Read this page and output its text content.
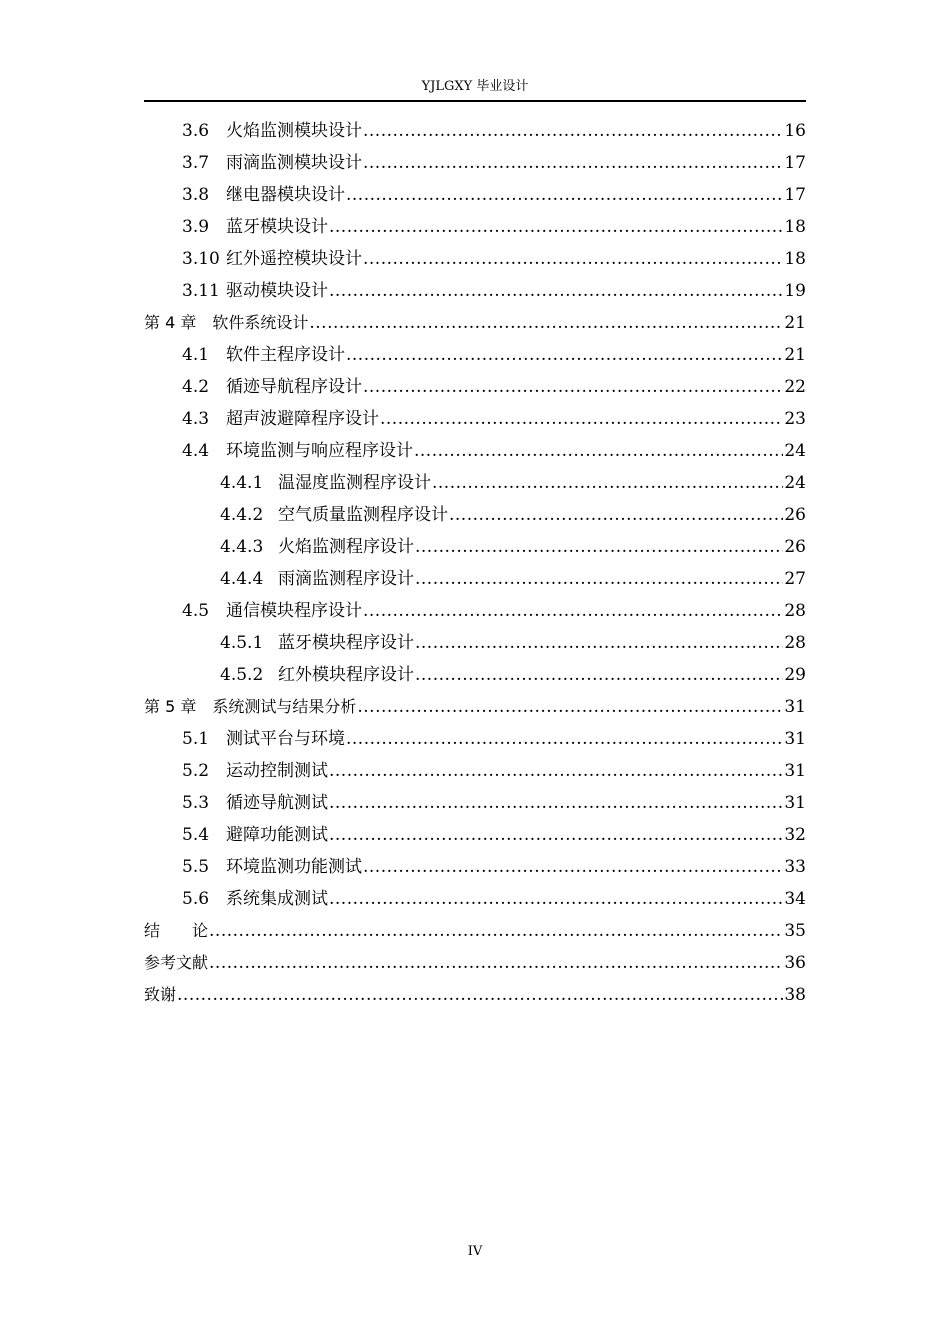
YJLGXY 毕业设计
3.6 火焰监测模块设计 .....	16
3.7 雨滴监测模块设计 .....	17
3.8 继电器模块设计 .....	17
3.9 蓝牙模块设计 .....	18
3.10 红外遥控模块设计 .....	18
3.11 驱动模块设计 .....	19
第 4 章　软件系统设计 .....	21
4.1 软件主程序设计 .....	21
4.2 循迹导航程序设计 .....	22
4.3 超声波避障程序设计 .....	23
4.4 环境监测与响应程序设计 .....	24
4.4.1 温湿度监测程序设计 .....	24
4.4.2 空气质量监测程序设计 .....	26
4.4.3 火焰监测程序设计 .....	26
4.4.4 雨滴监测程序设计 .....	27
4.5 通信模块程序设计 .....	28
4.5.1 蓝牙模块程序设计 .....	28
4.5.2 红外模块程序设计 .....	29
第 5 章　系统测试与结果分析 .....	31
5.1 测试平台与环境 .....	31
5.2 运动控制测试 .....	31
5.3 循迹导航测试 .....	31
5.4 避障功能测试 .....	32
5.5 环境监测功能测试 .....	33
5.6 系统集成测试 .....	34
结　　论 .....	35
参考文献 .....	36
致谢 .....	38
IV
